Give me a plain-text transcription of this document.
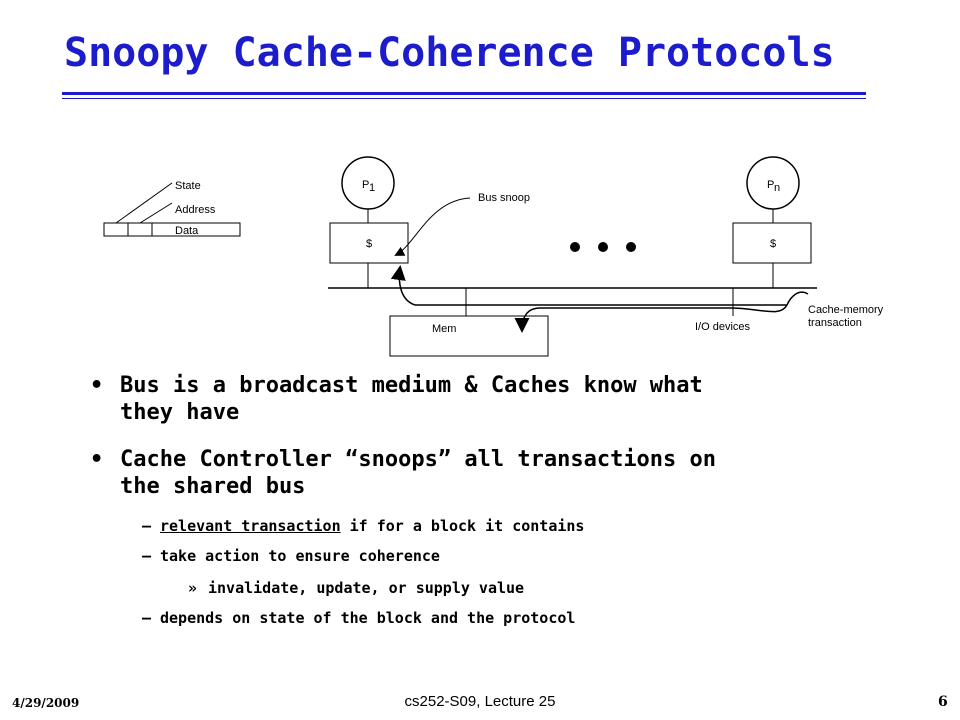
Snoopy Cache-Coherence Protocols
State
Address
Data
P 1
$
P n
$
Mem	I/O devices
Bus snoop
Cache-memory
transaction
• Bus is a broadcast medium & Caches know what
they have
• Cache Controller “snoops” all transactions on
the shared bus
– relevant transaction if for a block it contains
– take action to ensure coherence
» invalidate, update, or supply value
– depends on state of the block and the protocol
4/29/2009	cs252-S09, Lecture 25	6
